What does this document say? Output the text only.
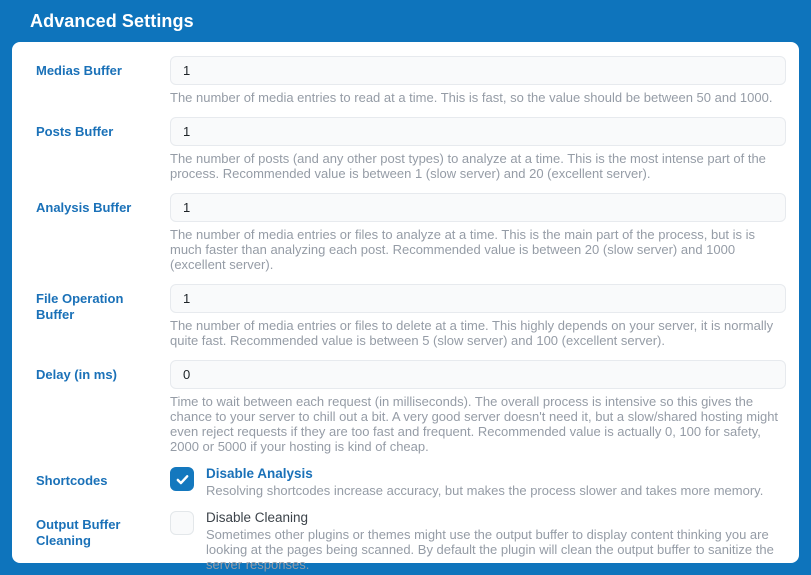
Advanced Settings
Medias Buffer
1
The number of media entries to read at a time. This is fast, so the value should be between 50 and 1000.
Posts Buffer
1
The number of posts (and any other post types) to analyze at a time. This is the most intense part of the process. Recommended value is between 1 (slow server) and 20 (excellent server).
Analysis Buffer
1
The number of media entries or files to analyze at a time. This is the main part of the process, but is is much faster than analyzing each post. Recommended value is between 20 (slow server) and 1000 (excellent server).
File Operation Buffer
1
The number of media entries or files to delete at a time. This highly depends on your server, it is normally quite fast. Recommended value is between 5 (slow server) and 100 (excellent server).
Delay (in ms)
0
Time to wait between each request (in milliseconds). The overall process is intensive so this gives the chance to your server to chill out a bit. A very good server doesn't need it, but a slow/shared hosting might even reject requests if they are too fast and frequent. Recommended value is actually 0, 100 for safety, 2000 or 5000 if your hosting is kind of cheap.
Shortcodes	Disable Analysis
Resolving shortcodes increase accuracy, but makes the process slower and takes more memory.
Output Buffer Cleaning
Disable Cleaning
Sometimes other plugins or themes might use the output buffer to display content thinking you are looking at the pages being scanned. By default the plugin will clean the output buffer to sanitize the server responses.
